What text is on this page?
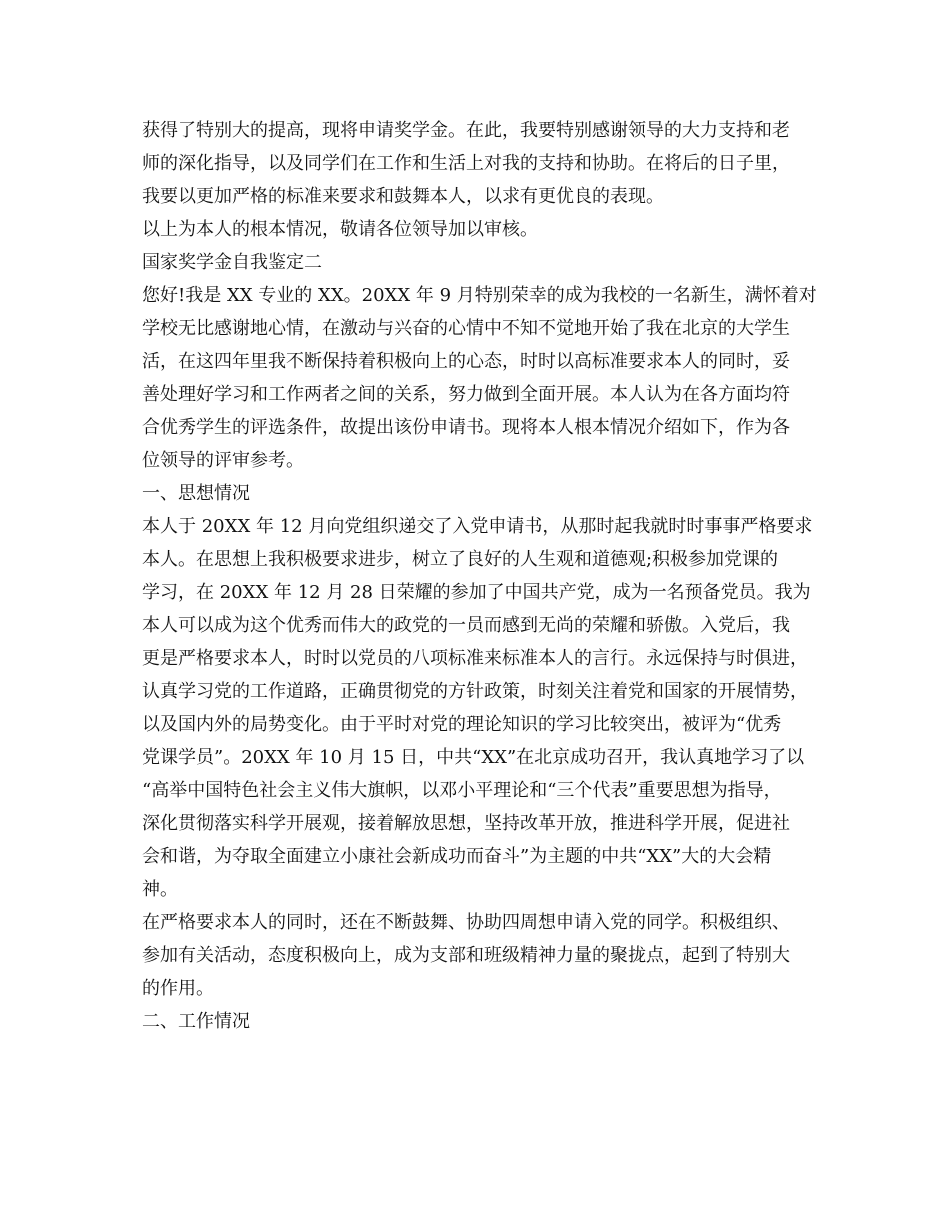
获得了特别大的提高，现将申请奖学金。在此，我要特别感谢领导的大力支持和老
师的深化指导，以及同学们在工作和生活上对我的支持和协助。在将后的日子里，
我要以更加严格的标准来要求和鼓舞本人，以求有更优良的表现。
以上为本人的根本情况，敬请各位领导加以审核。
国家奖学金自我鉴定二
您好!我是 XX 专业的 XX。20XX 年 9 月特别荣幸的成为我校的一名新生，满怀着对
学校无比感谢地心情，在激动与兴奋的心情中不知不觉地开始了我在北京的大学生
活，在这四年里我不断保持着积极向上的心态，时时以高标准要求本人的同时，妥
善处理好学习和工作两者之间的关系，努力做到全面开展。本人认为在各方面均符
合优秀学生的评选条件，故提出该份申请书。现将本人根本情况介绍如下，作为各
位领导的评审参考。
一、思想情况
本人于 20XX 年 12 月向党组织递交了入党申请书，从那时起我就时时事事严格要求
本人。在思想上我积极要求进步，树立了良好的人生观和道德观;积极参加党课的
学习，在 20XX 年 12 月 28 日荣耀的参加了中国共产党，成为一名预备党员。我为
本人可以成为这个优秀而伟大的政党的一员而感到无尚的荣耀和骄傲。入党后，我
更是严格要求本人，时时以党员的八项标准来标准本人的言行。永远保持与时俱进，
认真学习党的工作道路，正确贯彻党的方针政策，时刻关注着党和国家的开展情势，
以及国内外的局势变化。由于平时对党的理论知识的学习比较突出，被评为“优秀
党课学员”。20XX 年 10 月 15 日，中共“XX”在北京成功召开，我认真地学习了以
“高举中国特色社会主义伟大旗帜，以邓小平理论和“三个代表”重要思想为指导，
深化贯彻落实科学开展观，接着解放思想，坚持改革开放，推进科学开展，促进社
会和谐，为夺取全面建立小康社会新成功而奋斗”为主题的中共“XX”大的大会精
神。
在严格要求本人的同时，还在不断鼓舞、协助四周想申请入党的同学。积极组织、
参加有关活动，态度积极向上，成为支部和班级精神力量的聚拢点，起到了特别大
的作用。
二、工作情况
